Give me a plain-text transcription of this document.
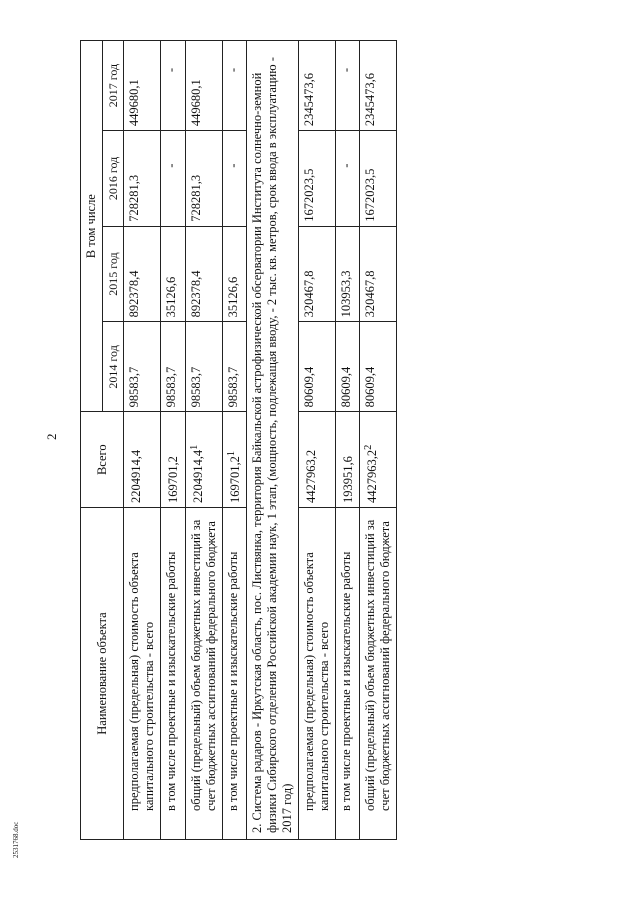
2
2531768.doc
Наименование объекта	Всего	В том числе			
		2014 год	2015 год	2016 год	2017 год
предполагаемая (предельная) стоимость объекта капитального строительства - всего	2204914,4	98583,7	892378,4	728281,3	449680,1
в том числе проектные и изыскательские работы	169701,2	98583,7	35126,6	-	-
общий (предельный) объем бюджетных инвестиций за счет бюджетных ассигнований федерального бюджета	2204914,4$^1$	98583,7	892378,4	728281,3	449680,1
в том числе проектные и изыскательские работы	169701,2$^1$	98583,7	35126,6	-	-
2. Система радаров - Иркутская область, пос. Листвянка, территория Байкальской астрофизической обсерватории Института солнечно-земной физики Сибирского отделения Российской академии наук, 1 этап, (мощность, подлежащая вводу, - 2 тыс. кв. метров, срок ввода в эксплуатацию - 2017 год)					
предполагаемая (предельная) стоимость объекта капитального строительства - всего	4427963,2	80609,4	320467,8	1672023,5	2345473,6
в том числе проектные и изыскательские работы	193951,6	80609,4	103953,3	-	-
общий (предельный) объем бюджетных инвестиций за счет бюджетных ассигнований федерального бюджета	4427963,2$^2$	80609,4	320467,8	1672023,5	2345473,6
